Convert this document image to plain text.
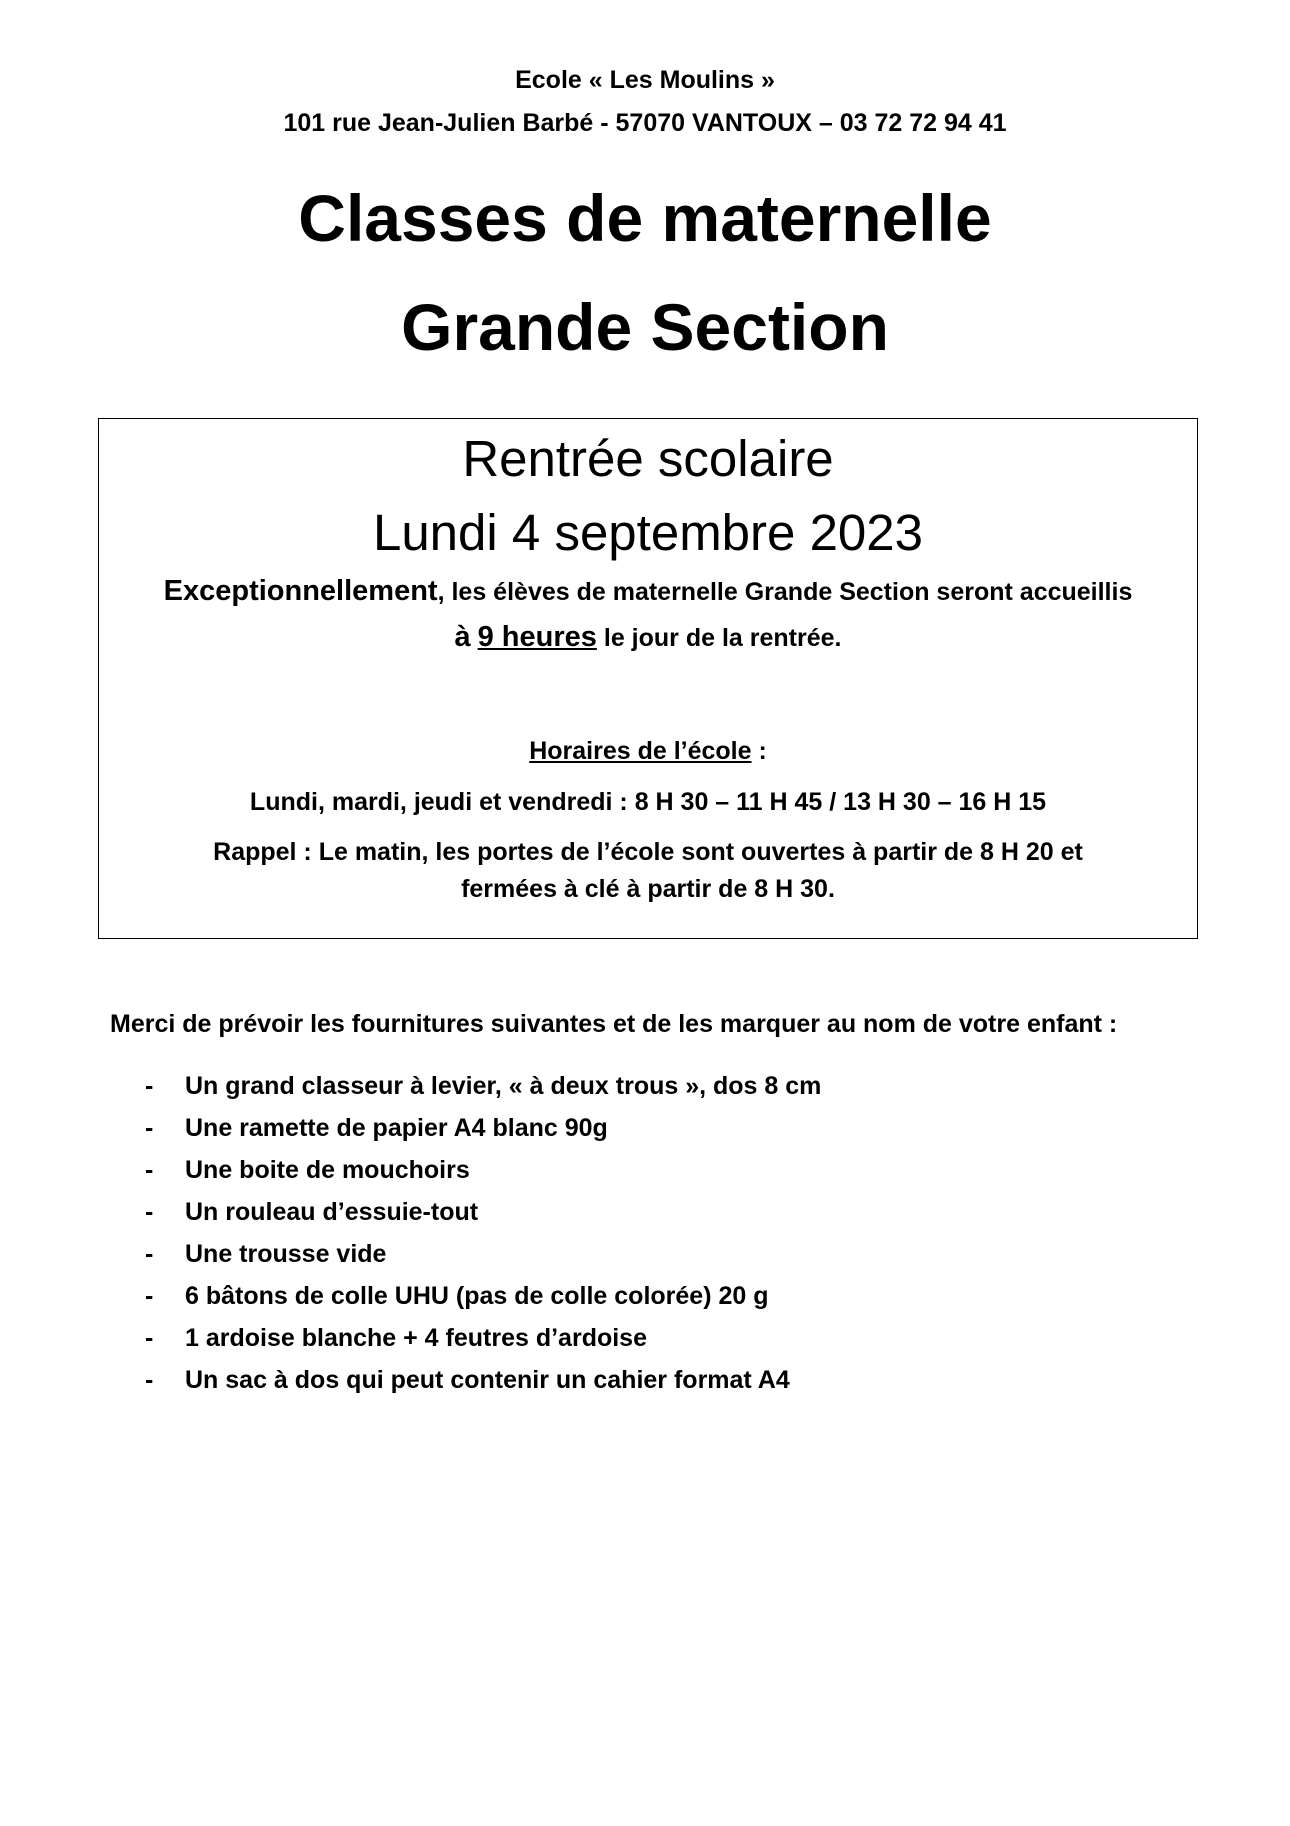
Ecole « Les Moulins »
101 rue Jean-Julien Barbé - 57070 VANTOUX – 03 72 72 94 41
Classes de maternelle
Grande Section
Rentrée scolaire
Lundi 4 septembre 2023
Exceptionnellement, les élèves de maternelle Grande Section seront accueillis
à 9 heures le jour de la rentrée.
Horaires de l’école :
Lundi, mardi, jeudi et vendredi : 8 H 30 – 11 H 45 / 13 H 30 – 16 H 15
Rappel : Le matin, les portes de l’école sont ouvertes à partir de 8 H 20 et
fermées à clé à partir de 8 H 30.
Merci de prévoir les fournitures suivantes et de les marquer au nom de votre enfant :
- Un grand classeur à levier, « à deux trous », dos 8 cm
- Une ramette de papier A4 blanc 90g
- Une boite de mouchoirs
- Un rouleau d’essuie-tout
- Une trousse vide
- 6 bâtons de colle UHU (pas de colle colorée) 20 g
- 1 ardoise blanche + 4 feutres d’ardoise
- Un sac à dos qui peut contenir un cahier format A4
